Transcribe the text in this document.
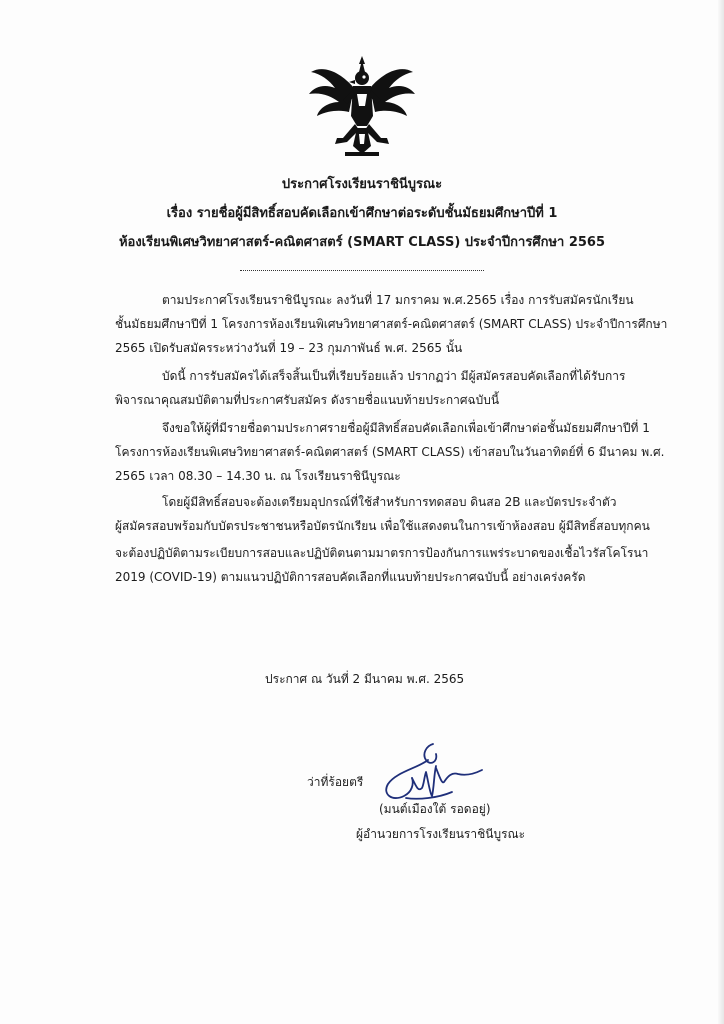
ประกาศโรงเรียนราชินีบูรณะ
เรื่อง รายชื่อผู้มีสิทธิ์สอบคัดเลือกเข้าศึกษาต่อระดับชั้นมัธยมศึกษาปีที่ 1
ห้องเรียนพิเศษวิทยาศาสตร์-คณิตศาสตร์ (SMART CLASS) ประจำปีการศึกษา 2565
ตามประกาศโรงเรียนราชินีบูรณะ ลงวันที่ 17 มกราคม พ.ศ.2565 เรื่อง การรับสมัครนักเรียน
ชั้นมัธยมศึกษาปีที่ 1 โครงการห้องเรียนพิเศษวิทยาศาสตร์-คณิตศาสตร์ (SMART CLASS) ประจำปีการศึกษา
2565 เปิดรับสมัครระหว่างวันที่ 19 – 23 กุมภาพันธ์ พ.ศ. 2565 นั้น
บัดนี้ การรับสมัครได้เสร็จสิ้นเป็นที่เรียบร้อยแล้ว ปรากฏว่า มีผู้สมัครสอบคัดเลือกที่ได้รับการ
พิจารณาคุณสมบัติตามที่ประกาศรับสมัคร ดังรายชื่อแนบท้ายประกาศฉบับนี้
จึงขอให้ผู้ที่มีรายชื่อตามประกาศรายชื่อผู้มีสิทธิ์สอบคัดเลือกเพื่อเข้าศึกษาต่อชั้นมัธยมศึกษาปีที่ 1
โครงการห้องเรียนพิเศษวิทยาศาสตร์-คณิตศาสตร์ (SMART CLASS) เข้าสอบในวันอาทิตย์ที่ 6 มีนาคม พ.ศ.
2565 เวลา 08.30 – 14.30 น. ณ โรงเรียนราชินีบูรณะ
โดยผู้มีสิทธิ์สอบจะต้องเตรียมอุปกรณ์ที่ใช้สำหรับการทดสอบ ดินสอ 2B และบัตรประจำตัว
ผู้สมัครสอบพร้อมกับบัตรประชาชนหรือบัตรนักเรียน เพื่อใช้แสดงตนในการเข้าห้องสอบ ผู้มีสิทธิ์สอบทุกคน
จะต้องปฏิบัติตามระเบียบการสอบและปฏิบัติตนตามมาตรการป้องกันการแพร่ระบาดของเชื้อไวรัสโคโรนา
2019 (COVID-19) ตามแนวปฏิบัติการสอบคัดเลือกที่แนบท้ายประกาศฉบับนี้ อย่างเคร่งครัด
ประกาศ ณ วันที่ 2 มีนาคม พ.ศ. 2565
ว่าที่ร้อยตรี
(มนต์เมืองใต้ รอดอยู่)
ผู้อำนวยการโรงเรียนราชินีบูรณะ
